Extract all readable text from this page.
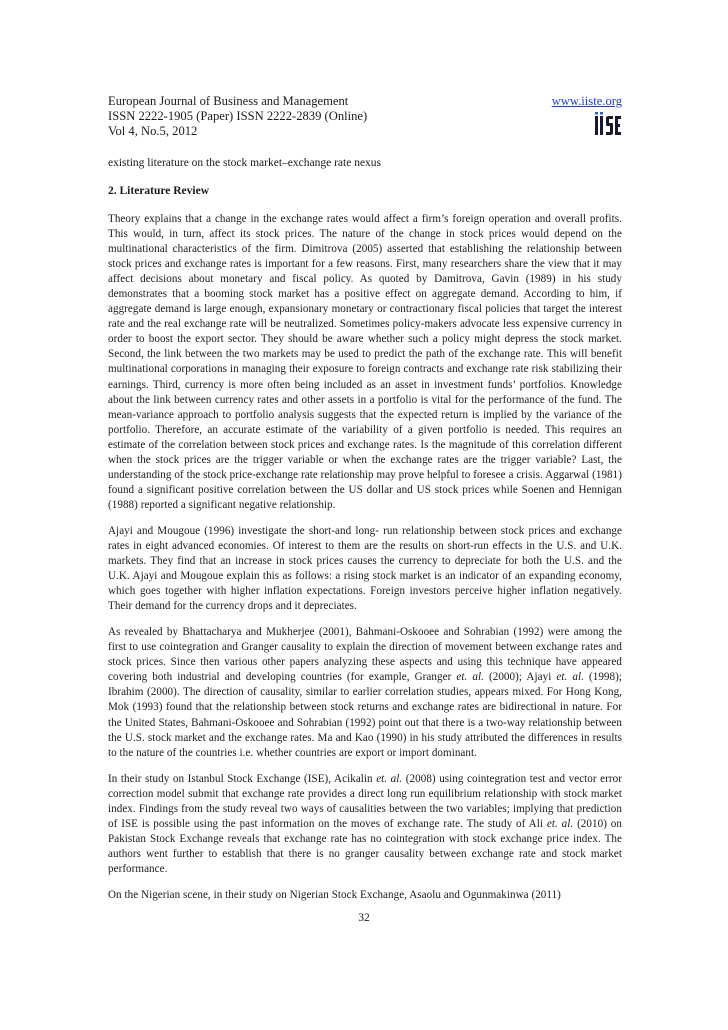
European Journal of Business and Management
ISSN 2222-1905 (Paper) ISSN 2222-2839 (Online)
Vol 4, No.5, 2012
www.iiste.org
existing literature on the stock market–exchange rate nexus
2. Literature Review

Theory explains that a change in the exchange rates would affect a firm’s foreign operation and overall profits. This would, in turn, affect its stock prices. The nature of the change in stock prices would depend on the multinational characteristics of the firm. Dimitrova (2005) asserted that establishing the relationship between stock prices and exchange rates is important for a few reasons. First, many researchers share the view that it may affect decisions about monetary and fiscal policy. As quoted by Damitrova, Gavin (1989) in his study demonstrates that a booming stock market has a positive effect on aggregate demand. According to him, if aggregate demand is large enough, expansionary monetary or contractionary fiscal policies that target the interest rate and the real exchange rate will be neutralized. Sometimes policy-makers advocate less expensive currency in order to boost the export sector. They should be aware whether such a policy might depress the stock market. Second, the link between the two markets may be used to predict the path of the exchange rate. This will benefit multinational corporations in managing their exposure to foreign contracts and exchange rate risk stabilizing their earnings. Third, currency is more often being included as an asset in investment funds’ portfolios. Knowledge about the link between currency rates and other assets in a portfolio is vital for the performance of the fund. The mean-variance approach to portfolio analysis suggests that the expected return is implied by the variance of the portfolio. Therefore, an accurate estimate of the variability of a given portfolio is needed. This requires an estimate of the correlation between stock prices and exchange rates. Is the magnitude of this correlation different when the stock prices are the trigger variable or when the exchange rates are the trigger variable? Last, the understanding of the stock price-exchange rate relationship may prove helpful to foresee a crisis. Aggarwal (1981) found a significant positive correlation between the US dollar and US stock prices while Soenen and Hennigan (1988) reported a significant negative relationship.

Ajayi and Mougoue (1996) investigate the short-and long- run relationship between stock prices and exchange rates in eight advanced economies. Of interest to them are the results on short-run effects in the U.S. and U.K. markets. They find that an increase in stock prices causes the currency to depreciate for both the U.S. and the U.K. Ajayi and Mougoue explain this as follows: a rising stock market is an indicator of an expanding economy, which goes together with higher inflation expectations. Foreign investors perceive higher inflation negatively. Their demand for the currency drops and it depreciates.

As revealed by Bhattacharya and Mukherjee (2001), Bahmani-Oskooee and Sohrabian (1992) were among the first to use cointegration and Granger causality to explain the direction of movement between exchange rates and stock prices. Since then various other papers analyzing these aspects and using this technique have appeared covering both industrial and developing countries (for example, Granger et. al. (2000); Ajayi et. al. (1998); Ibrahim (2000). The direction of causality, similar to earlier correlation studies, appears mixed. For Hong Kong, Mok (1993) found that the relationship between stock returns and exchange rates are bidirectional in nature. For the United States, Bahmani-Oskooee and Sohrabian (1992) point out that there is a two-way relationship between the U.S. stock market and the exchange rates. Ma and Kao (1990) in his study attributed the differences in results to the nature of the countries i.e. whether countries are export or import dominant.

In their study on Istanbul Stock Exchange (ISE), Acikalin et. al. (2008) using cointegration test and vector error correction model submit that exchange rate provides a direct long run equilibrium relationship with stock market index. Findings from the study reveal two ways of causalities between the two variables; implying that prediction of ISE is possible using the past information on the moves of exchange rate. The study of Ali et. al. (2010) on Pakistan Stock Exchange reveals that exchange rate has no cointegration with stock exchange price index. The authors went further to establish that there is no granger causality between exchange rate and stock market performance.

On the Nigerian scene, in their study on Nigerian Stock Exchange, Asaolu and Ogunmakinwa (2011)

32
